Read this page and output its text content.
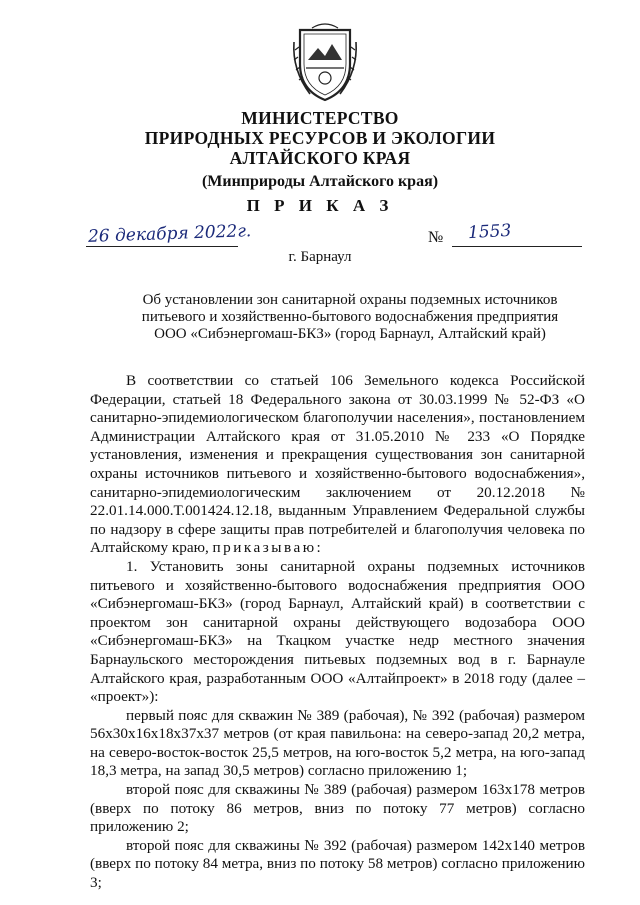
МИНИСТЕРСТВО
ПРИРОДНЫХ РЕСУРСОВ И ЭКОЛОГИИ
АЛТАЙСКОГО КРАЯ
(Минприроды Алтайского края)
П Р И К А З
26 декабря 2022г.	№ 1553
г. Барнаул
Об установлении зон санитарной охраны подземных источников питьевого и хозяйственно-бытового водоснабжения предприятия ООО «Сибэнергомаш-БКЗ» (город Барнаул, Алтайский край)

В соответствии со статьей 106 Земельного кодекса Российской Федерации, статьей 18 Федерального закона от 30.03.1999 № 52-ФЗ «О санитарно-эпидемиологическом благополучии населения», постановлением Администрации Алтайского края от 31.05.2010 № 233 «О Порядке установления, изменения и прекращения существования зон санитарной охраны источников питьевого и хозяйственно-бытового водоснабжения», санитарно-эпидемиологическим заключением от 20.12.2018 № 22.01.14.000.Т.001424.12.18, выданным Управлением Федеральной службы по надзору в сфере защиты прав потребителей и благополучия человека по Алтайскому краю, приказываю:

1. Установить зоны санитарной охраны подземных источников питьевого и хозяйственно-бытового водоснабжения предприятия ООО «Сибэнергомаш-БКЗ» (город Барнаул, Алтайский край) в соответствии с проектом зон санитарной охраны действующего водозабора ООО «Сибэнергомаш-БКЗ» на Ткацком участке недр местного значения Барнаульского месторождения питьевых подземных вод в г. Барнауле Алтайского края, разработанным ООО «Алтайпроект» в 2018 году (далее – «проект»):

первый пояс для скважин № 389 (рабочая), № 392 (рабочая) размером 56x30x16x18x37x37 метров (от края павильона: на северо-запад 20,2 метра, на северо-восток-восток 25,5 метров, на юго-восток 5,2 метра, на юго-запад 18,3 метра, на запад 30,5 метров) согласно приложению 1;

второй пояс для скважины № 389 (рабочая) размером 163x178 метров (вверх по потоку 86 метров, вниз по потоку 77 метров) согласно приложению 2;

второй пояс для скважины № 392 (рабочая) размером 142x140 метров (вверх по потоку 84 метра, вниз по потоку 58 метров) согласно приложению 3;
